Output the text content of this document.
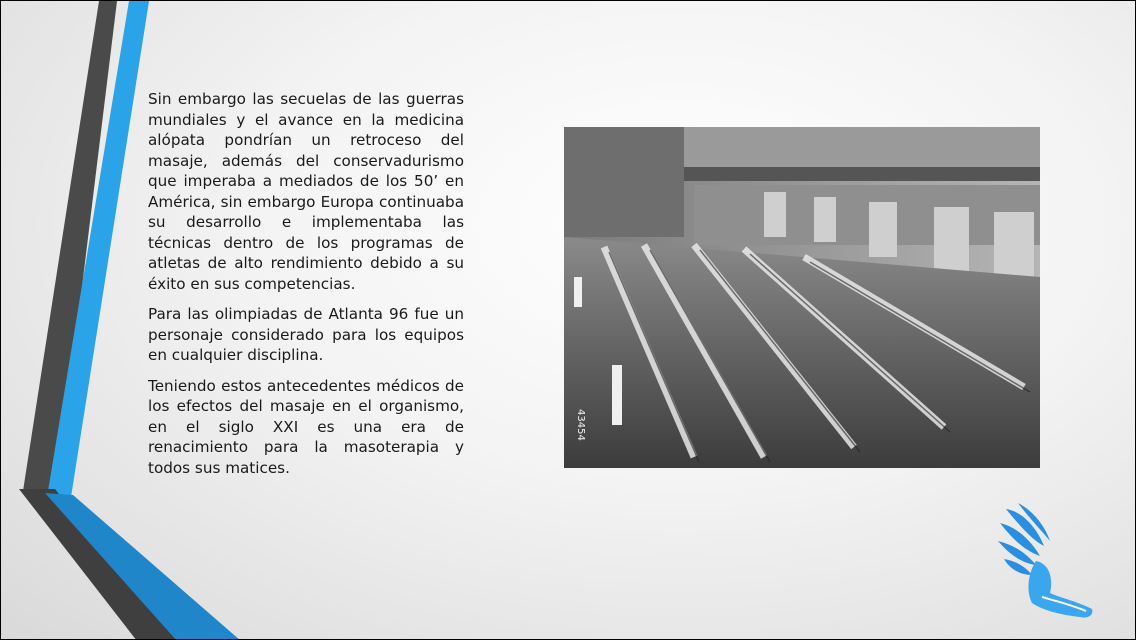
Sin embargo las secuelas de las guerras mundiales y el avance en la medicina alópata pondrían un retroceso del masaje, además del conservadurismo que imperaba a mediados de los 50’ en América, sin embargo Europa continuaba su desarrollo e implementaba las técnicas dentro de los programas de atletas de alto rendimiento debido a su éxito en sus competencias.

Para las olimpiadas de Atlanta 96 fue un personaje considerado para los equipos en cualquier disciplina.

Teniendo estos antecedentes médicos de los efectos del masaje en el organismo, en el siglo XXI es una era de renacimiento para la masoterapia y todos sus matices.

43454
